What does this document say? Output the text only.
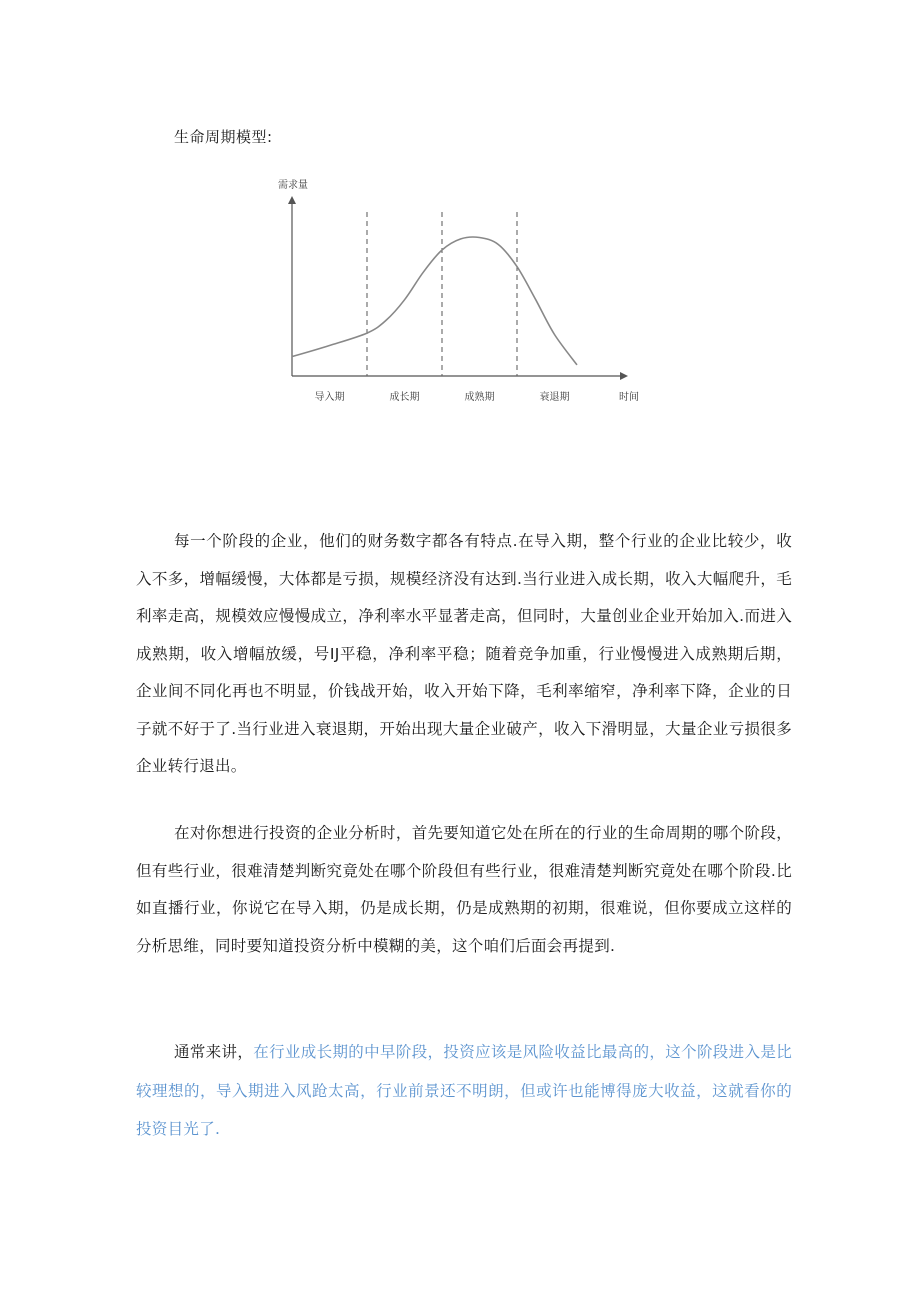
生命周期模型:
需求量
导入期	成长期	成熟期	衰退期	时间

每一个阶段的企业，他们的财务数字都各有特点.在导入期，整个行业的企业比较少，收入不多，增幅缓慢，大体都是亏损，规模经济没有达到.当行业进入成长期，收入大幅爬升，毛利率走高，规模效应慢慢成立，净利率水平显著走高，但同时，大量创业企业开始加入.而进入成熟期，收入增幅放缓，号IJ平稳，净利率平稳；随着竞争加重，行业慢慢进入成熟期后期，企业间不同化再也不明显，价钱战开始，收入开始下降，毛利率缩窄，净利率下降，企业的日子就不好于了.当行业进入衰退期，开始出现大量企业破产，收入下滑明显，大量企业亏损很多企业转行退出。

在对你想进行投资的企业分析时，首先要知道它处在所在的行业的生命周期的哪个阶段，但有些行业，很难清楚判断究竟处在哪个阶段但有些行业，很难清楚判断究竟处在哪个阶段.比如直播行业，你说它在导入期，仍是成长期，仍是成熟期的初期，很难说，但你要成立这样的分析思维，同时要知道投资分析中模糊的美，这个咱们后面会再提到.

通常来讲，在行业成长期的中早阶段，投资应该是风险收益比最高的，这个阶段进入是比较理想的，导入期进入风跄太高，行业前景还不明朗，但或许也能博得庞大收益，这就看你的投资目光了.
